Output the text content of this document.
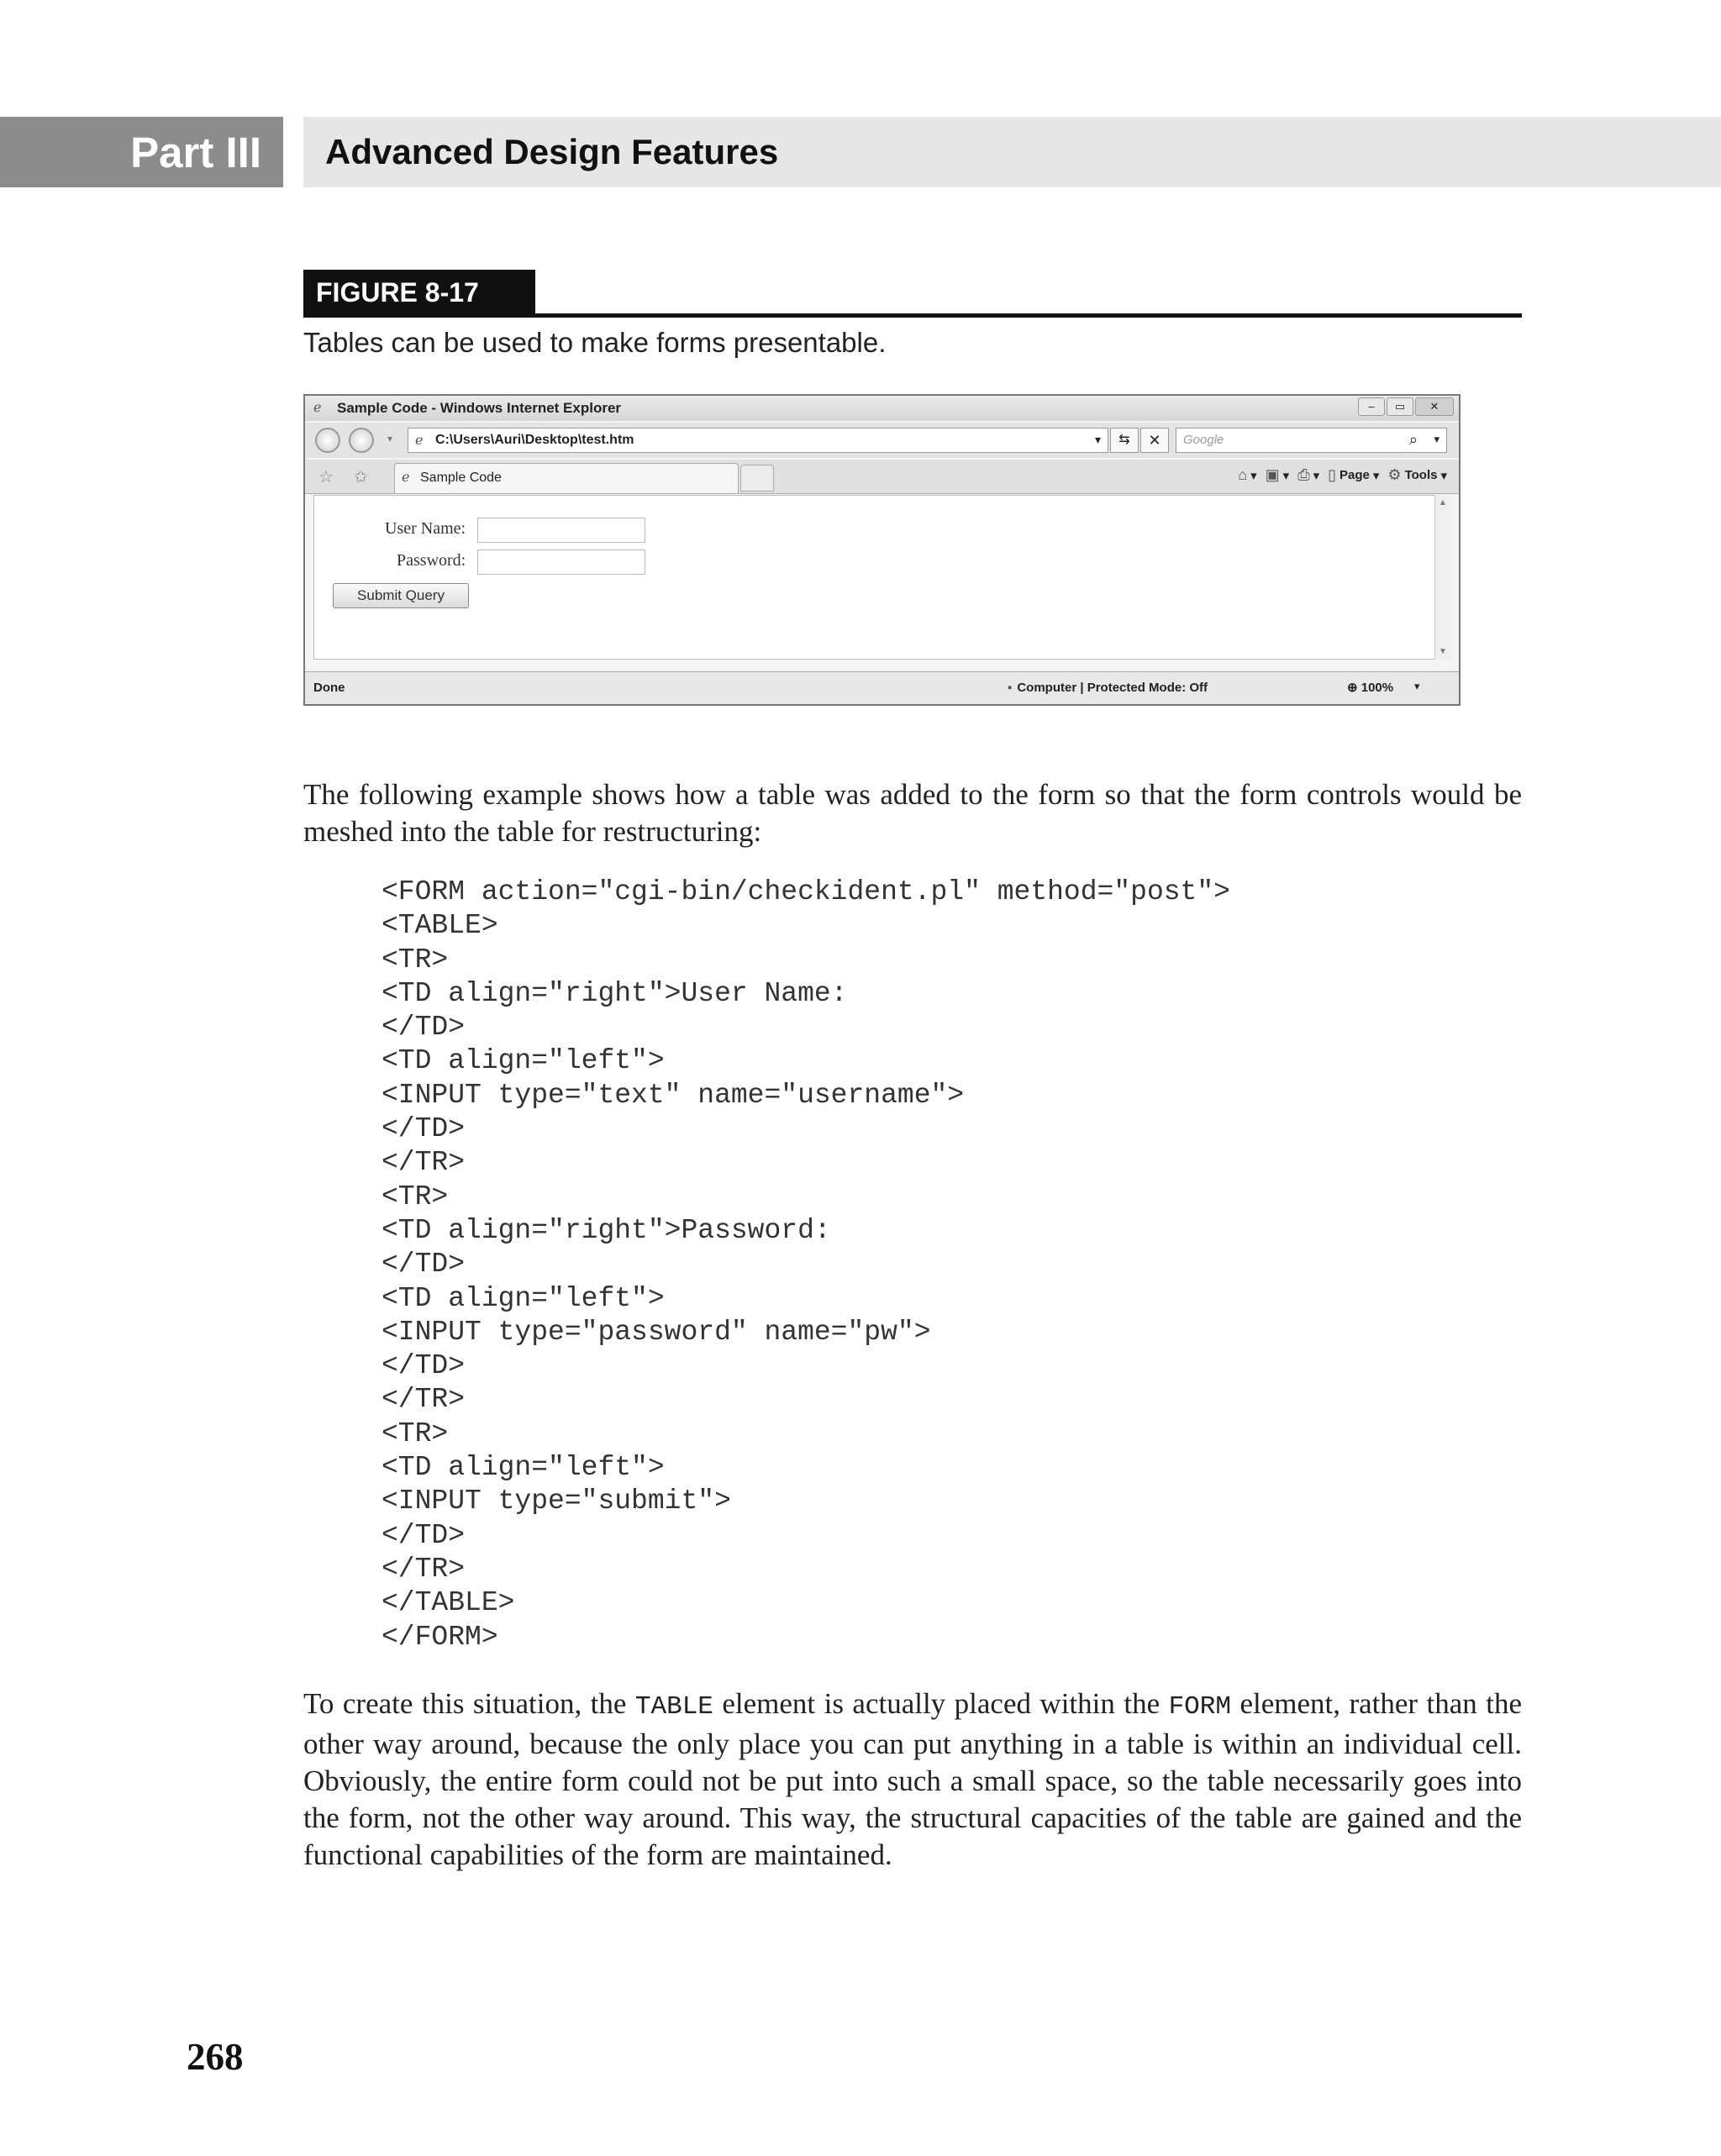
Part III	Advanced Design Features
FIGURE 8-17
Tables can be used to make forms presentable.
ℯ	Sample Code - Windows Internet Explorer	–	▭	✕
▾ ℯ C:\Users\Auri\Desktop\test.htm	▾	⇆	✕	Google	⌕ ▾
☆ ✩	ℯ Sample Code	⌂ ▾ ▣ ▾ ⎙ ▾ ▯ Page ▾ ⚙ Tools ▾
User Name:
Password:
Submit Query
▲
▼
Done	▪ Computer | Protected Mode: Off	⊕ 100% ▾

The following example shows how a table was added to the form so that the form controls would be meshed into the table for restructuring:

<FORM action="cgi-bin/checkident.pl" method="post">
<TABLE>
<TR>
<TD align="right">User Name:
</TD>
<TD align="left">
<INPUT type="text" name="username">
</TD>
</TR>
<TR>
<TD align="right">Password:
</TD>
<TD align="left">
<INPUT type="password" name="pw">
</TD>
</TR>
<TR>
<TD align="left">
<INPUT type="submit">
</TD>
</TR>
</TABLE>
</FORM>

To create this situation, the TABLE element is actually placed within the FORM element, rather than the other way around, because the only place you can put anything in a table is within an individual cell. Obviously, the entire form could not be put into such a small space, so the table necessarily goes into the form, not the other way around. This way, the structural capacities of the table are gained and the functional capabilities of the form are maintained.

268
